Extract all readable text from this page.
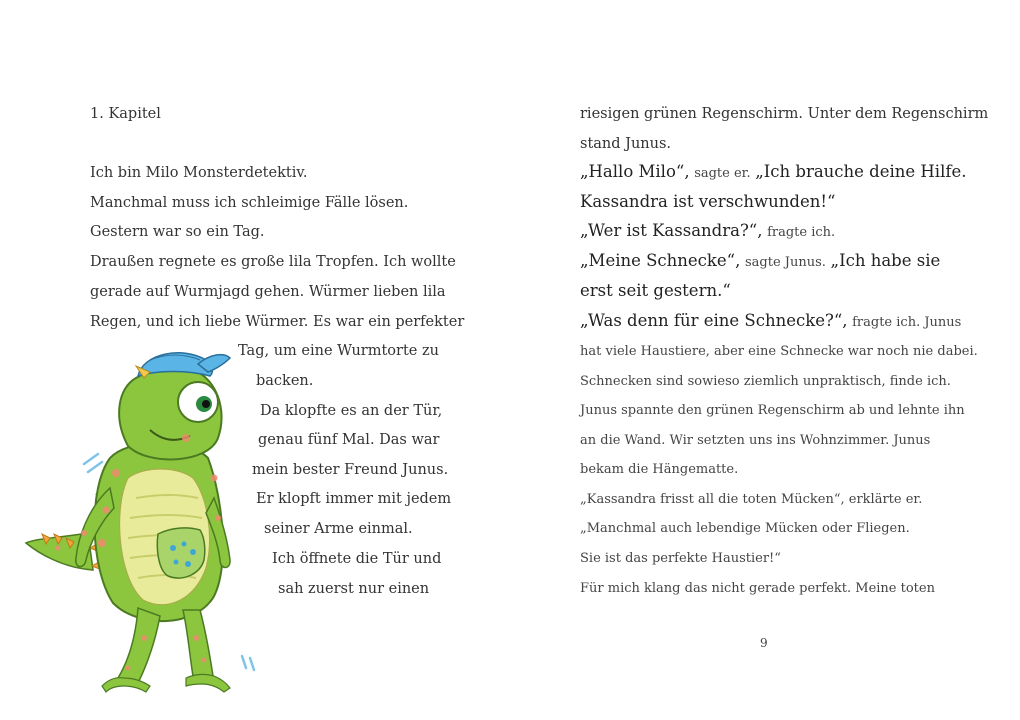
1. Kapitel
Ich bin Milo Monsterdetektiv.
Manchmal muss ich schleimige Fälle lösen.
Gestern war so ein Tag.
Draußen regnete es große lila Tropfen. Ich wollte
gerade auf Wurmjagd gehen. Würmer lieben lila
Regen, und ich liebe Würmer. Es war ein perfekter
Tag, um eine Wurmtorte zu
backen.
Da klopfte es an der Tür,
genau fünf Mal. Das war
mein bester Freund Junus.
Er klopft immer mit jedem
seiner Arme einmal.
Ich öffnete die Tür und
sah zuerst nur einen
riesigen grünen Regenschirm. Unter dem Regenschirm
stand Junus.
„Hallo Milo“, sagte er. „Ich brauche deine Hilfe.
Kassandra ist verschwunden!“
„Wer ist Kassandra?“, fragte ich.
„Meine Schnecke“, sagte Junus. „Ich habe sie
erst seit gestern.“
„Was denn für eine Schnecke?“, fragte ich. Junus
hat viele Haustiere, aber eine Schnecke war noch nie dabei.
Schnecken sind sowieso ziemlich unpraktisch, finde ich.
Junus spannte den grünen Regenschirm ab und lehnte ihn
an die Wand. Wir setzten uns ins Wohnzimmer. Junus
bekam die Hängematte.
„Kassandra frisst all die toten Mücken“, erklärte er.
„Manchmal auch lebendige Mücken oder Fliegen.
Sie ist das perfekte Haustier!“
Für mich klang das nicht gerade perfekt. Meine toten
9
